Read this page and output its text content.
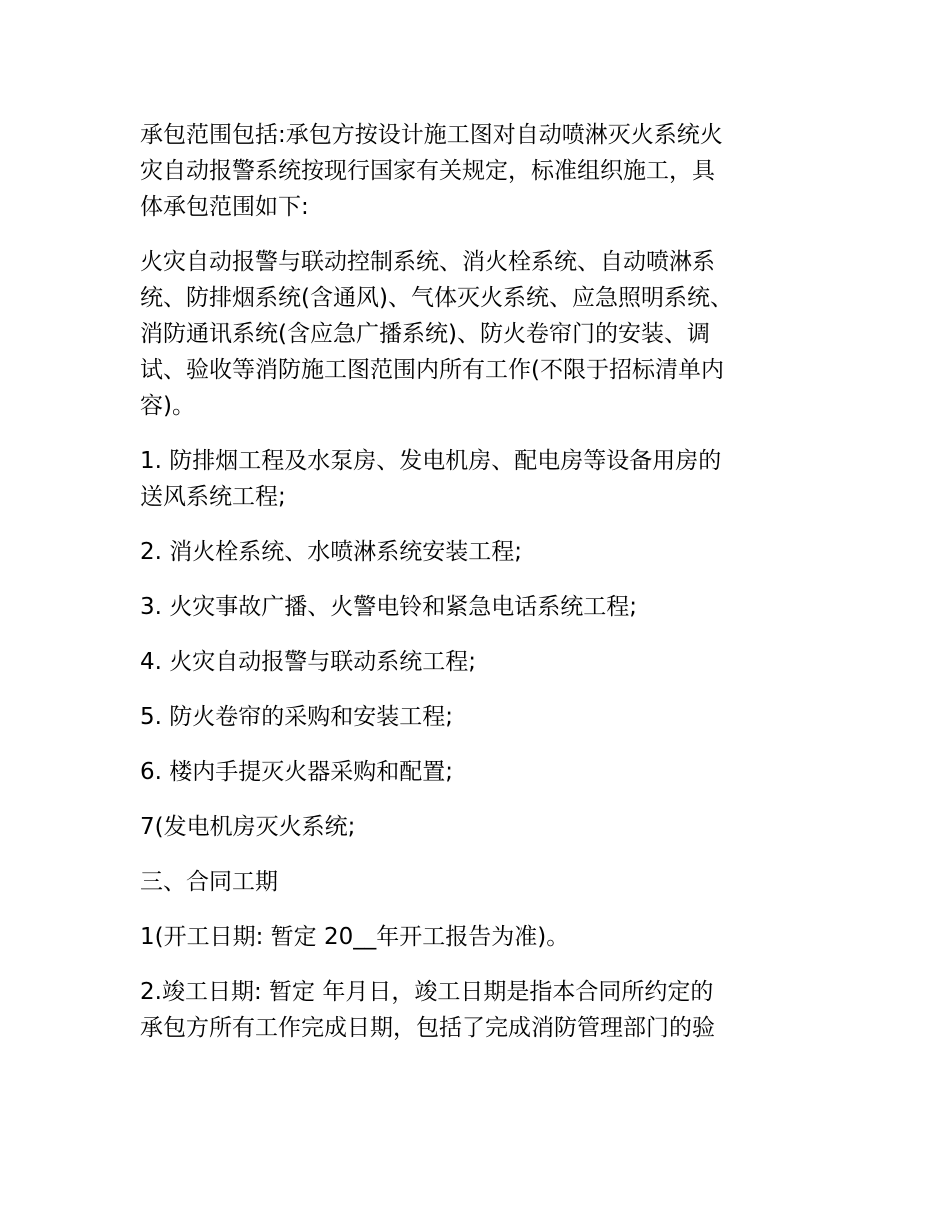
承包范围包括:承包方按设计施工图对自动喷淋灭火系统火
灾自动报警系统按现行国家有关规定，标准组织施工，具
体承包范围如下:
火灾自动报警与联动控制系统、消火栓系统、自动喷淋系
统、防排烟系统(含通风)、气体灭火系统、应急照明系统、
消防通讯系统(含应急广播系统)、防火卷帘门的安装、调
试、验收等消防施工图范围内所有工作(不限于招标清单内
容)。
1. 防排烟工程及水泵房、发电机房、配电房等设备用房的
送风系统工程;
2. 消火栓系统、水喷淋系统安装工程;
3. 火灾事故广播、火警电铃和紧急电话系统工程;
4. 火灾自动报警与联动系统工程;
5. 防火卷帘的采购和安装工程;
6. 楼内手提灭火器采购和配置;
7(发电机房灭火系统;
三、合同工期
1(开工日期: 暂定 20__年开工报告为准)。
2.竣工日期: 暂定 年月日，竣工日期是指本合同所约定的
承包方所有工作完成日期，包括了完成消防管理部门的验
